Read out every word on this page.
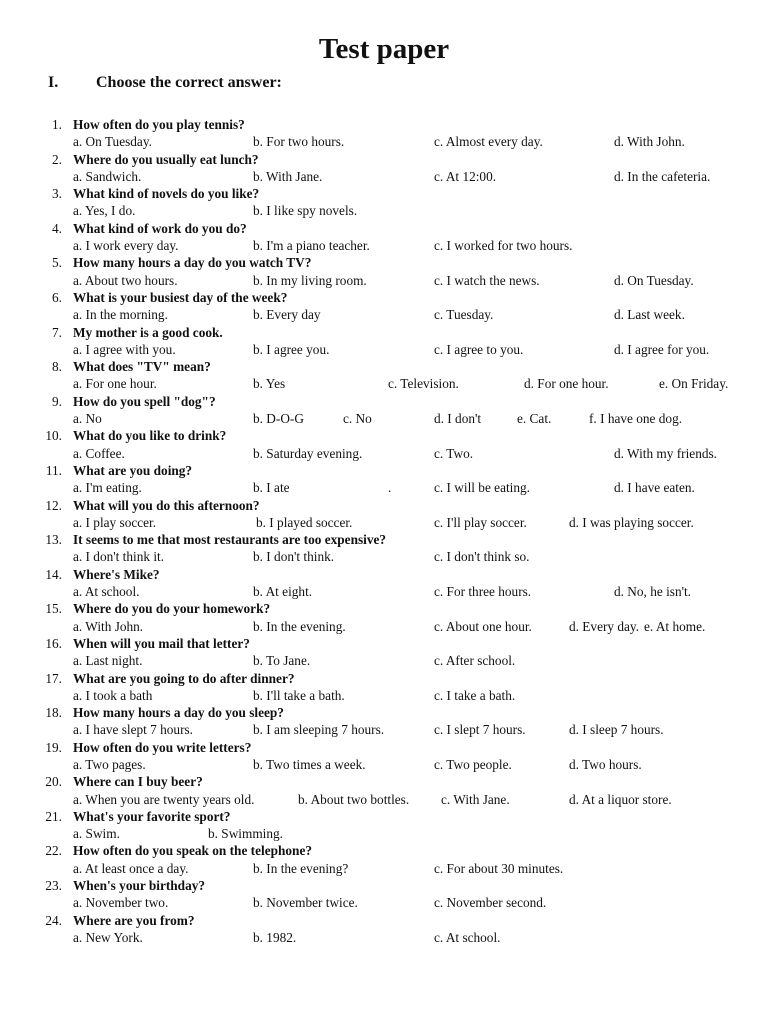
Test paper
I. Choose the correct answer:
1. How often do you play tennis?
a. On Tuesday.	b. For two hours.	c. Almost every day.	d. With John.
2. Where do you usually eat lunch?
a. Sandwich.	b. With Jane.	c. At 12:00.	d. In the cafeteria.
3. What kind of novels do you like?
a. Yes, I do.	b. I like spy novels.
4. What kind of work do you do?
a. I work every day.	b. I'm a piano teacher.	c. I worked for two hours.
5. How many hours a day do you watch TV?
a. About two hours.	b. In my living room.	c. I watch the news.	d. On Tuesday.
6. What is your busiest day of the week?
a. In the morning.	b. Every day	c. Tuesday.	d. Last week.
7. My mother is a good cook.
a. I agree with you.	b. I agree you.	c. I agree to you.	d. I agree for you.
8. What does "TV" mean?
a. For one hour.	b. Yes	c. Television.	d. For one hour.	e. On Friday.
9. How do you spell "dog"?
a. No	b. D-O-G	c. No	d. I don't	e. Cat.	f. I have one dog.
10. What do you like to drink?
a. Coffee.	b. Saturday evening.	c. Two.	d. With my friends.
11. What are you doing?
a. I'm eating.	b. I ate	.	c. I will be eating.	d. I have eaten.
12. What will you do this afternoon?
a. I play soccer.	b. I played soccer.	c. I'll play soccer.	d. I was playing soccer.
13. It seems to me that most restaurants are too expensive?
a. I don't think it.	b. I don't think.	c. I don't think so.
14. Where's Mike?
a. At school.	b. At eight.	c. For three hours.	d. No, he isn't.
15. Where do you do your homework?
a. With John.	b. In the evening.	c. About one hour.	d. Every day. e. At home.
16. When will you mail that letter?
a. Last night.	b. To Jane.	c. After school.
17. What are you going to do after dinner?
a. I took a bath	b. I'll take a bath.	c. I take a bath.
18. How many hours a day do you sleep?
a. I have slept 7 hours.	b. I am sleeping 7 hours.	c. I slept 7 hours.	d. I sleep 7 hours.
19. How often do you write letters?
a. Two pages.	b. Two times a week.	c. Two people.	d. Two hours.
20. Where can I buy beer?
a. When you are twenty years old.	b. About two bottles. c. With Jane.	d. At a liquor store.
21. What's your favorite sport?
a. Swim.	b. Swimming.
22. How often do you speak on the telephone?
a. At least once a day.	b. In the evening?	c. For about 30 minutes.
23. When's your birthday?
a. November two.	b. November twice.	c. November second.
24. Where are you from?
a. New York.	b. 1982.	c. At school.
